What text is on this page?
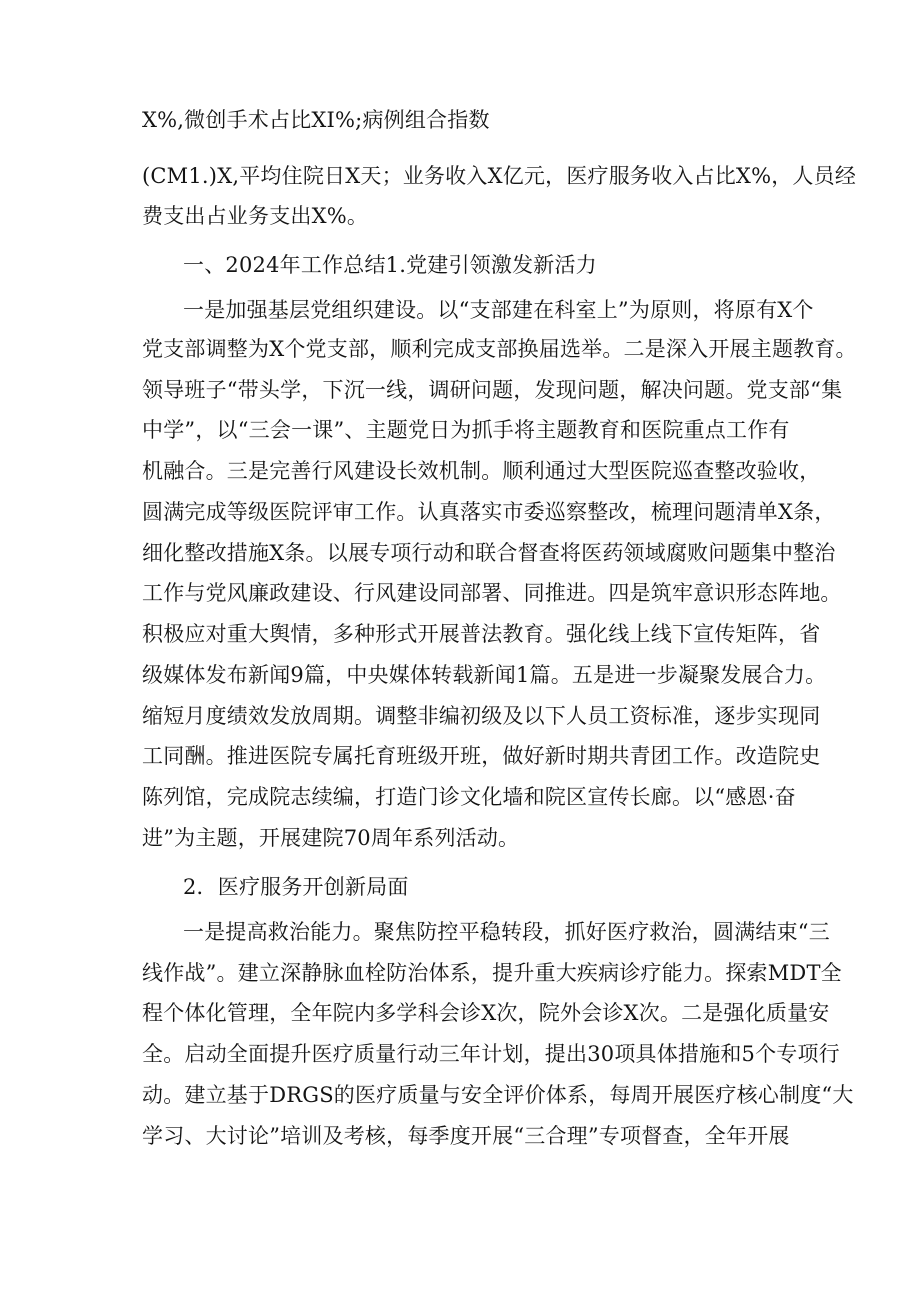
X%,微创手术占比XI%;病例组合指数
(CM1.)X,平均住院日X天；业务收入X亿元，医疗服务收入占比X%，人员经
费支出占业务支出X%。
一、2024年工作总结1.党建引领激发新活力
一是加强基层党组织建设。以“支部建在科室上”为原则，将原有X个
党支部调整为X个党支部，顺利完成支部换届选举。二是深入开展主题教育。
领导班子“带头学，下沉一线，调研问题，发现问题，解决问题。党支部“集
中学”，以“三会一课”、主题党日为抓手将主题教育和医院重点工作有
机融合。三是完善行风建设长效机制。顺利通过大型医院巡查整改验收，
圆满完成等级医院评审工作。认真落实市委巡察整改，梳理问题清单X条，
细化整改措施X条。以展专项行动和联合督查将医药领域腐败问题集中整治
工作与党风廉政建设、行风建设同部署、同推进。四是筑牢意识形态阵地。
积极应对重大舆情，多种形式开展普法教育。强化线上线下宣传矩阵，省
级媒体发布新闻9篇，中央媒体转载新闻1篇。五是进一步凝聚发展合力。
缩短月度绩效发放周期。调整非编初级及以下人员工资标准，逐步实现同
工同酬。推进医院专属托育班级开班，做好新时期共青团工作。改造院史
陈列馆，完成院志续编，打造门诊文化墙和院区宣传长廊。以“感恩·奋
进”为主题，开展建院70周年系列活动。
2．医疗服务开创新局面
一是提高救治能力。聚焦防控平稳转段，抓好医疗救治，圆满结束“三
线作战”。建立深静脉血栓防治体系，提升重大疾病诊疗能力。探索MDT全
程个体化管理，全年院内多学科会诊X次，院外会诊X次。二是强化质量安
全。启动全面提升医疗质量行动三年计划，提出30项具体措施和5个专项行
动。建立基于DRGS的医疗质量与安全评价体系，每周开展医疗核心制度“大
学习、大讨论”培训及考核，每季度开展“三合理”专项督查，全年开展
